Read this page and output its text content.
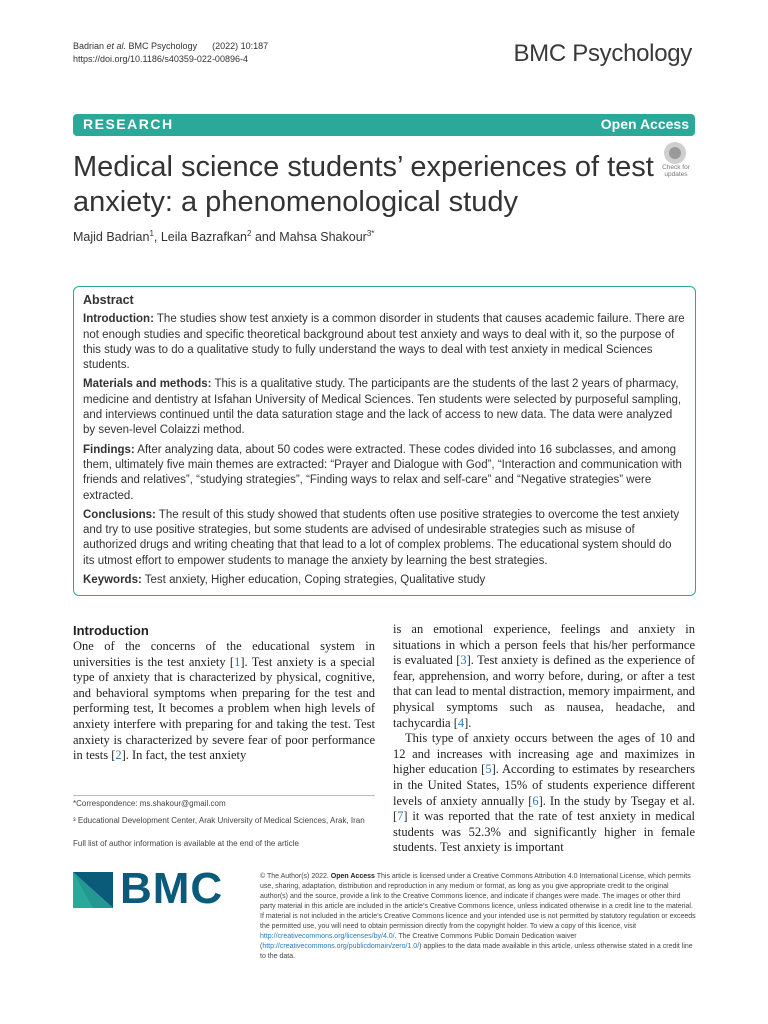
Badrian et al. BMC Psychology (2022) 10:187
https://doi.org/10.1186/s40359-022-00896-4	BMC Psychology
RESEARCH	Open Access
Medical science students’ experiences of test anxiety: a phenomenological study
Check for
updates
Majid Badrian$^1$, Leila Bazrafkan$^2$ and Mahsa Shakour$^{3*}$
Abstract

Introduction: The studies show test anxiety is a common disorder in students that causes academic failure. There are not enough studies and specific theoretical background about test anxiety and ways to deal with it, so the purpose of this study was to do a qualitative study to fully understand the ways to deal with test anxiety in medical Sciences students.

Materials and methods: This is a qualitative study. The participants are the students of the last 2 years of pharmacy, medicine and dentistry at Isfahan University of Medical Sciences. Ten students were selected by purposeful sampling, and interviews continued until the data saturation stage and the lack of access to new data. The data were analyzed by seven-level Colaizzi method.

Findings: After analyzing data, about 50 codes were extracted. These codes divided into 16 subclasses, and among them, ultimately five main themes are extracted: “Prayer and Dialogue with God”, “Interaction and communication with friends and relatives”, “studying strategies”, “Finding ways to relax and self-care” and “Negative strategies” were extracted.

Conclusions: The result of this study showed that students often use positive strategies to overcome the test anxiety and try to use positive strategies, but some students are advised of undesirable strategies such as misuse of authorized drugs and writing cheating that that lead to a lot of complex problems. The educational system should do its utmost effort to empower students to manage the anxiety by learning the best strategies.

Keywords: Test anxiety, Higher education, Coping strategies, Qualitative study

Introduction

One of the concerns of the educational system in universities is the test anxiety [1]. Test anxiety is a special type of anxiety that is characterized by physical, cognitive, and behavioral symptoms when preparing for the test and performing test, It becomes a problem when high levels of anxiety interfere with preparing for and taking the test. Test anxiety is characterized by severe fear of poor performance in tests [2]. In fact, the test anxiety

is an emotional experience, feelings and anxiety in situations in which a person feels that his/her performance is evaluated [3]. Test anxiety is defined as the experience of fear, apprehension, and worry before, during, or after a test that can lead to mental distraction, memory impairment, and physical symptoms such as nausea, headache, and tachycardia [4].

This type of anxiety occurs between the ages of 10 and 12 and increases with increasing age and maximizes in higher education [5]. According to estimates by researchers in the United States, 15% of students experience different levels of anxiety annually [6]. In the study by Tsegay et al. [7] it was reported that the rate of test anxiety in medical students was 52.3% and significantly higher in female students. Test anxiety is important

*Correspondence: ms.shakour@gmail.com
³ Educational Development Center, Arak University of Medical Sciences, Arak, Iran
Full list of author information is available at the end of the article
BMC	© The Author(s) 2022. Open Access This article is licensed under a Creative Commons Attribution 4.0 International License, which permits use, sharing, adaptation, distribution and reproduction in any medium or format, as long as you give appropriate credit to the original author(s) and the source, provide a link to the Creative Commons licence, and indicate if changes were made. The images or other third party material in this article are included in the article’s Creative Commons licence, unless indicated otherwise in a credit line to the material. If material is not included in the article’s Creative Commons licence and your intended use is not permitted by statutory regulation or exceeds the permitted use, you will need to obtain permission directly from the copyright holder. To view a copy of this licence, visit http://creativecommons.org/licenses/by/4.0/. The Creative Commons Public Domain Dedication waiver (http://creativecommons.org/publicdomain/zero/1.0/) applies to the data made available in this article, unless otherwise stated in a credit line to the data.
